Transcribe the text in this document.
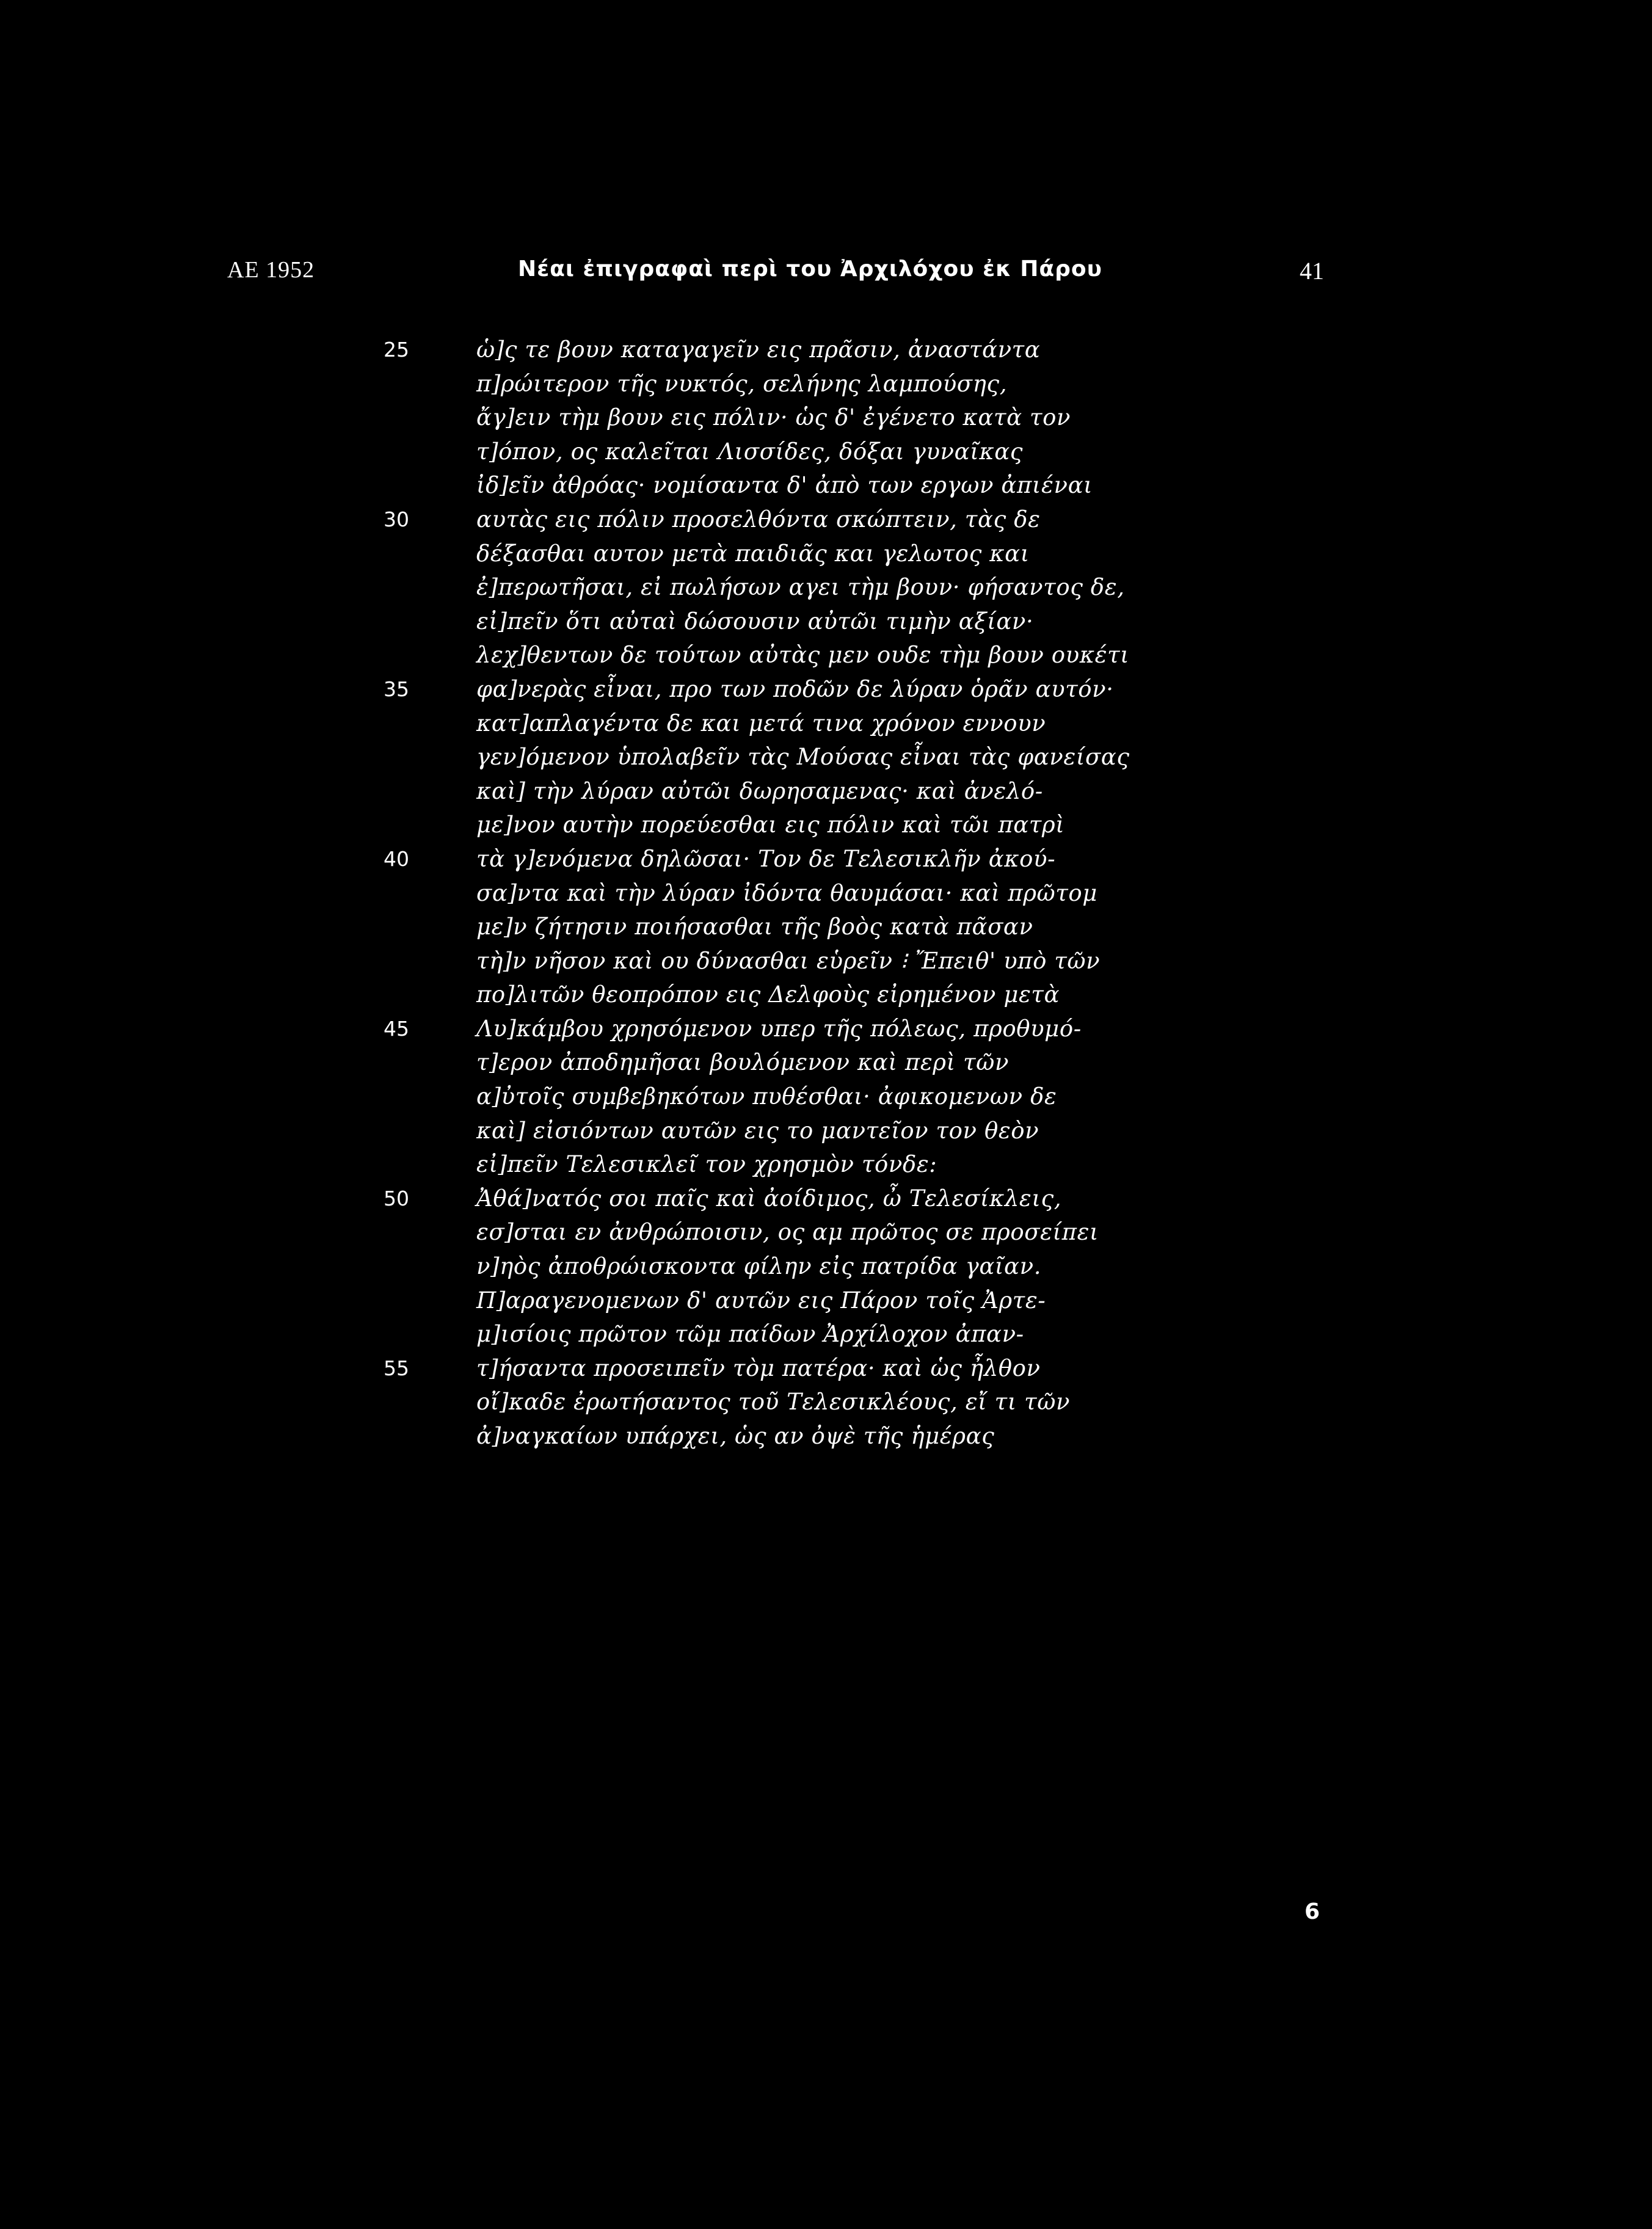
ΑΕ 1952	Νέαι ἐπιγραφαὶ περὶ του Ἀρχιλόχου ἐκ Πάρου	41
25	ὡ]ς τε βουν καταγαγεῖν εις πρᾶσιν, ἀναστάντα
π]ρώιτερον τῆς νυκτός, σελήνης λαμπούσης,
ἄγ]ειν τὴμ βουν εις πόλιν· ὡς δ' ἐγένετο κατὰ τον
τ]όπον, ος καλεῖται Λισσίδες, δόξαι γυναῖκας
ἰδ]εῖν ἀθρόας· νομίσαντα δ' ἀπὸ των εργων ἀπιέναι
30	αυτὰς εις πόλιν προσελθόντα σκώπτειν, τὰς δε
δέξασθαι αυτον μετὰ παιδιᾶς και γελωτος και
ἐ]περωτῆσαι, εἰ πωλήσων αγει τὴμ βουν· φήσαντος δε,
εἰ]πεῖν ὅτι αὐταὶ δώσουσιν αὐτῶι τιμὴν αξίαν·
λεχ]θεντων δε τούτων αὐτὰς μεν ουδε τὴμ βουν ουκέτι
35	φα]νερὰς εἶναι, προ των ποδῶν δε λύραν ὁρᾶν αυτόν·
κατ]απλαγέντα δε και μετά τινα χρόνον εννουν
γεν]όμενον ὑπολαβεῖν τὰς Μούσας εἶναι τὰς φανείσας
καὶ] τὴν λύραν αὐτῶι δωρησαμενας· καὶ ἀνελό-
με]νον αυτὴν πορεύεσθαι εις πόλιν καὶ τῶι πατρὶ
40	τὰ γ]ενόμενα δηλῶσαι· Τον δε Τελεσικλῆν ἀκού-
σα]ντα καὶ τὴν λύραν ἰδόντα θαυμάσαι· καὶ πρῶτομ
με]ν ζήτησιν ποιήσασθαι τῆς βοὸς κατὰ πᾶσαν
τὴ]ν νῆσον καὶ ου δύνασθαι εὑρεῖν ⁝ Ἔπειθ' υπὸ τῶν
πο]λιτῶν θεοπρόπον εις Δελφοὺς εἰρημένον μετὰ
45	Λυ]κάμβου χρησόμενον υπερ τῆς πόλεως, προθυμό-
τ]ερον ἀποδημῆσαι βουλόμενον καὶ περὶ τῶν
α]ὐτοῖς συμβεβηκότων πυθέσθαι· ἀφικομενων δε
καὶ] εἰσιόντων αυτῶν εις το μαντεῖον τον θεὸν
εἰ]πεῖν Τελεσικλεῖ τον χρησμὸν τόνδε:
50	Ἀθά]νατός σοι παῖς καὶ ἀοίδιμος, ὦ Τελεσίκλεις,
εσ]σται εν ἀνθρώποισιν, ος αμ πρῶτος σε προσείπει
ν]ηὸς ἀποθρώισκοντα φίλην εἰς πατρίδα γαῖαν.
Π]αραγενομενων δ' αυτῶν εις Πάρον τοῖς Ἀρτε-
μ]ισίοις πρῶτον τῶμ παίδων Ἀρχίλοχον ἀπαν-
55	τ]ήσαντα προσειπεῖν τὸμ πατέρα· καὶ ὡς ἦλθον
οἴ]καδε ἐρωτήσαντος τοῦ Τελεσικλέους, εἴ τι τῶν
ἀ]ναγκαίων υπάρχει, ὡς αν ὀψὲ τῆς ἡμέρας
6
